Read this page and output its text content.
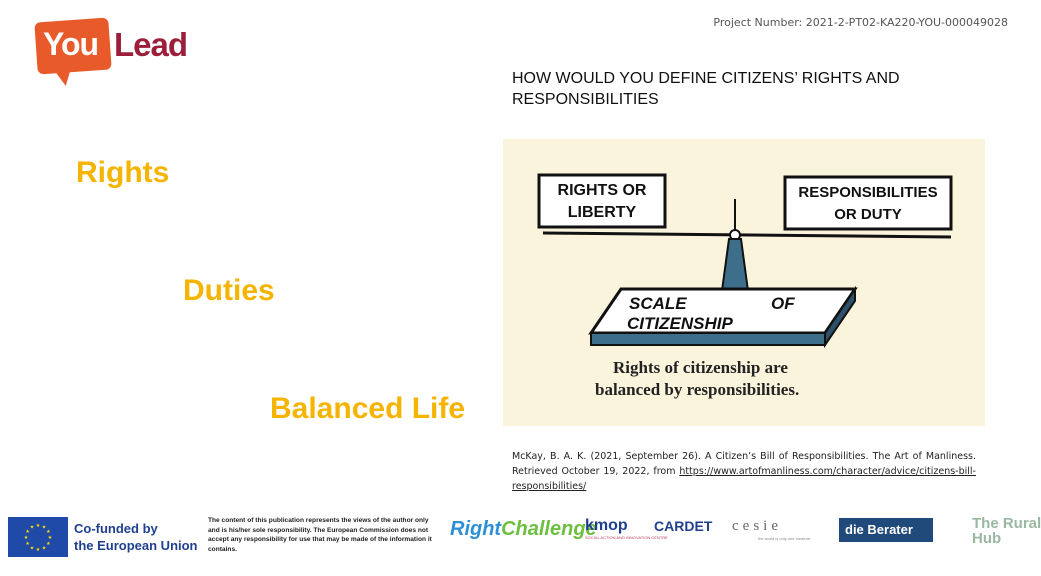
Project Number: 2021-2-PT02-KA220-YOU-000049028
You Lead
HOW WOULD YOU DEFINE CITIZENS’ RIGHTS AND RESPONSIBILITIES
Rights
Duties
Balanced Life
RIGHTS OR
LIBERTY
RESPONSIBILITIES
OR DUTY
SCALE	OF
CITIZENSHIP
Rights of citizenship are
balanced by responsibilities.
McKay, B. A. K. (2021, September 26). A Citizen’s Bill of Responsibilities. The Art of Manliness. Retrieved October 19, 2022, from https://www.artofmanliness.com/character/advice/citizens-bill-responsibilities/
★ ★
★
★
★
★
★
★
★
★
★
★	Co-funded by
the European Union
The content of this publication represents the views of the author only and is his/her sole responsibility. The European Commission does not accept any responsibility for use that may be made of the information it contains.
RightChallenge
kmop
SOCIAL ACTION AND INNOVATION CENTRE
CARDET cesie
the world is only one creature
die Berater	The Rural
Hub
